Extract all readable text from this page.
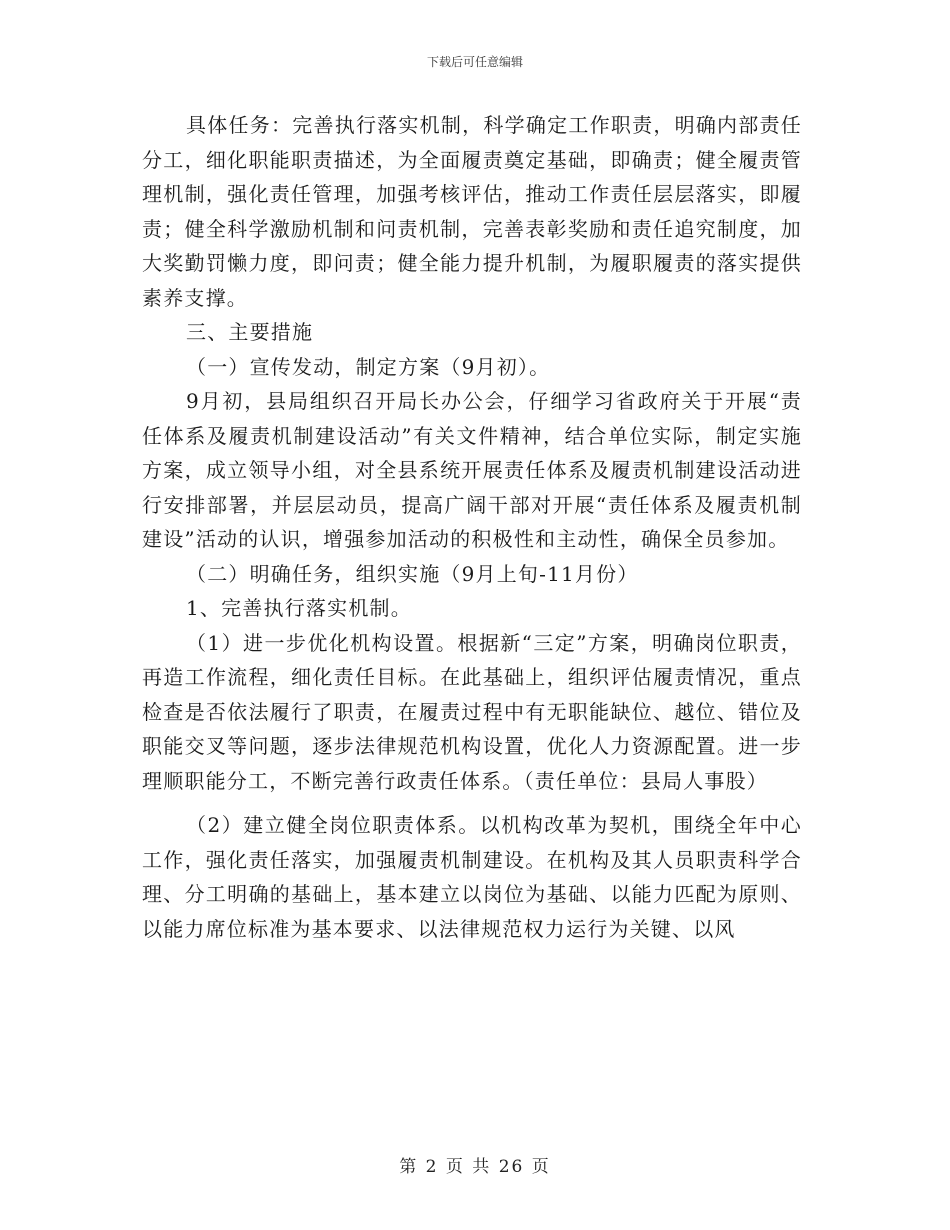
下载后可任意编辑

具体任务：完善执行落实机制，科学确定工作职责，明确内部责任分工，细化职能职责描述，为全面履责奠定基础，即确责；健全履责管理机制，强化责任管理，加强考核评估，推动工作责任层层落实，即履责；健全科学激励机制和问责机制，完善表彰奖励和责任追究制度，加大奖勤罚懒力度，即问责；健全能力提升机制，为履职履责的落实提供素养支撑。

三、主要措施

（一）宣传发动，制定方案（9月初）。

9月初，县局组织召开局长办公会，仔细学习省政府关于开展“责任体系及履责机制建设活动”有关文件精神，结合单位实际，制定实施方案，成立领导小组，对全县系统开展责任体系及履责机制建设活动进行安排部署，并层层动员，提高广阔干部对开展“责任体系及履责机制建设”活动的认识，增强参加活动的积极性和主动性，确保全员参加。

（二）明确任务，组织实施（9月上旬-11月份）

1、完善执行落实机制。

（1）进一步优化机构设置。根据新“三定”方案，明确岗位职责，再造工作流程，细化责任目标。在此基础上，组织评估履责情况，重点检查是否依法履行了职责，在履责过程中有无职能缺位、越位、错位及职能交叉等问题，逐步法律规范机构设置，优化人力资源配置。进一步理顺职能分工，不断完善行政责任体系。（责任单位：县局人事股）

（2）建立健全岗位职责体系。以机构改革为契机，围绕全年中心工作，强化责任落实，加强履责机制建设。在机构及其人员职责科学合理、分工明确的基础上，基本建立以岗位为基础、以能力匹配为原则、以能力席位标准为基本要求、以法律规范权力运行为关键、以风

第 2 页 共 26 页
